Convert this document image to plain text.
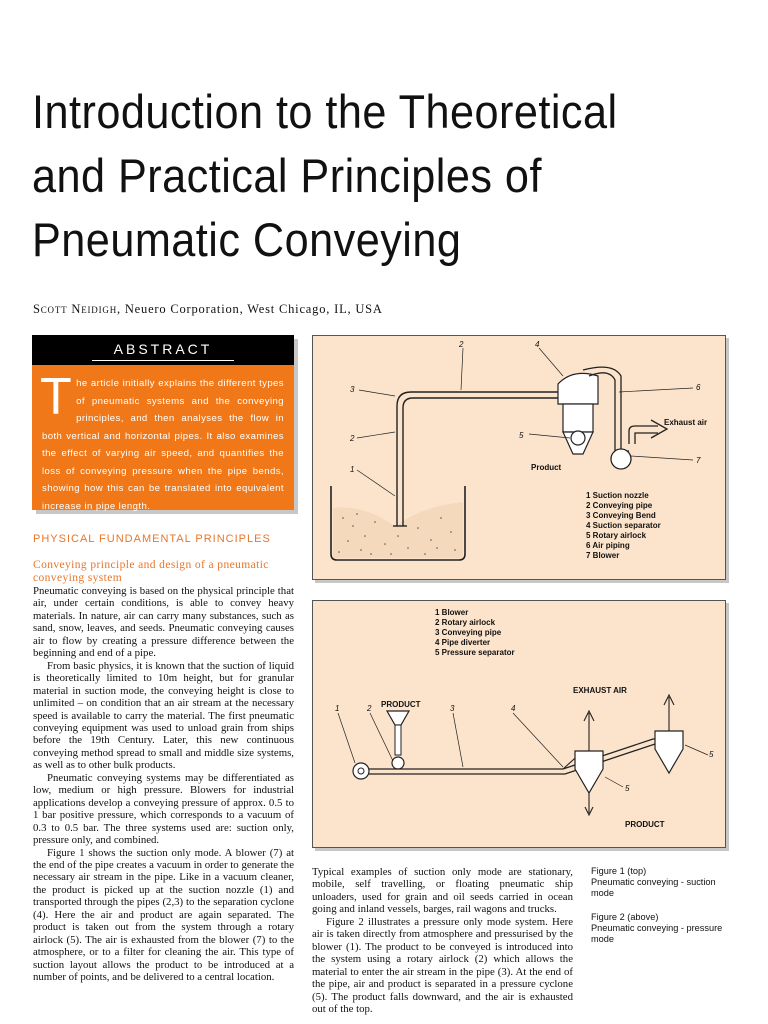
Introduction to the Theoretical
and Practical Principles of
Pneumatic Conveying
Scott Neidigh, Neuero Corporation, West Chicago, IL, USA
ABSTRACT
The article initially explains the different types of pneumatic systems and the conveying principles, and then analyses the flow in both vertical and horizontal pipes. It also examines the effect of varying air speed, and quantifies the loss of conveying pressure when the pipe bends, showing how this can be translated into equivalent increase in pipe length.
PHYSICAL FUNDAMENTAL PRINCIPLES
Conveying principle and design of a pneumatic conveying system

Pneumatic conveying is based on the physical principle that air, under certain conditions, is able to convey heavy materials. In nature, air can carry many substances, such as sand, snow, leaves, and seeds. Pneumatic conveying causes air to flow by creating a pressure difference between the beginning and end of a pipe.

From basic physics, it is known that the suction of liquid is theoretically limited to 10m height, but for granular material in suction mode, the conveying height is close to unlimited – on condition that an air stream at the necessary speed is available to carry the material. The first pneumatic conveying equipment was used to unload grain from ships before the 19th Century. Later, this new continuous conveying method spread to small and middle size systems, as well as to other bulk products.

Pneumatic conveying systems may be differentiated as low, medium or high pressure. Blowers for industrial applications develop a conveying pressure of approx. 0.5 to 1 bar positive pressure, which corresponds to a vacuum of 0.3 to 0.5 bar. The three systems used are: suction only, pressure only, and combined.

Figure 1 shows the suction only mode. A blower (7) at the end of the pipe creates a vacuum in order to generate the necessary air stream in the pipe. Like in a vacuum cleaner, the product is picked up at the suction nozzle (1) and transported through the pipes (2,3) to the separation cyclone (4). Here the air and product are again separated. The product is taken out from the system through a rotary airlock (5). The air is exhausted from the blower (7) to the atmosphere, or to a filter for cleaning the air. This type of suction layout allows the product to be introduced at a number of points, and be delivered to a central location.

2	4
3
2
1
5
6
7
Exhaust air
Product
1 Suction nozzle
2 Conveying pipe
3 Conveying Bend
4 Suction separator
5 Rotary airlock
6 Air piping
7 Blower
1 Blower
2 Rotary airlock
3 Conveying pipe
4 Pipe diverter
5 Pressure separator
EXHAUST AIR
PRODUCT
PRODUCT
1	2	3	4
5
5

Typical examples of suction only mode are stationary, mobile, self travelling, or floating pneumatic ship unloaders, used for grain and oil seeds carried in ocean going and inland vessels, barges, rail wagons and trucks.

Figure 2 illustrates a pressure only mode system. Here air is taken directly from atmosphere and pressurised by the blower (1). The product to be conveyed is introduced into the system using a rotary airlock (2) which allows the material to enter the air stream in the pipe (3). At the end of the pipe, air and product is separated in a pressure cyclone (5). The product falls downward, and the air is exhausted out of the top.

Figure 1 (top)
Pneumatic conveying - suction mode

Figure 2 (above)
Pneumatic conveying - pressure mode
